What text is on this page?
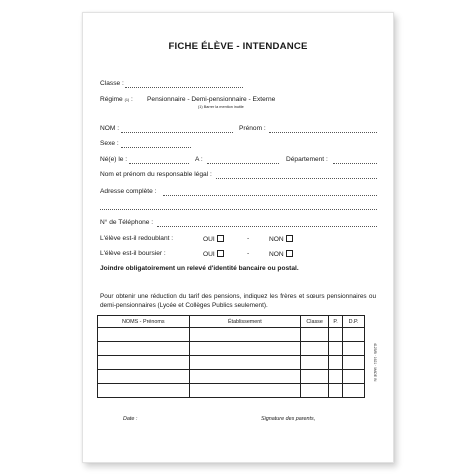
FICHE ÉLÈVE - INTENDANCE
Classe :
Régime (1) : Pensionnaire - Demi-pensionnaire - Externe
(1) Barrer la mention inutile
NOM :	Prénom :
Sexe :
Né(e) le :	A :	Département :
Nom et prénom du responsable légal :
Adresse complète :
N° de Téléphone :
L'élève est-il redoublant :	OUI	-	NON
L'élève est-il boursier :	OUI	-	NON
Joindre obligatoirement un relevé d'identité bancaire ou postal.
Pour obtenir une réduction du tarif des pensions, indiquez les frères et sœurs pensionnaires ou demi-pensionnaires (Lycée et Collèges Publics seulement).
NOMS - Prénoms	Établissement	Classe	P.	D.P.

4125/B · 1621 · MADE IN
Date :	Signature des parents,
